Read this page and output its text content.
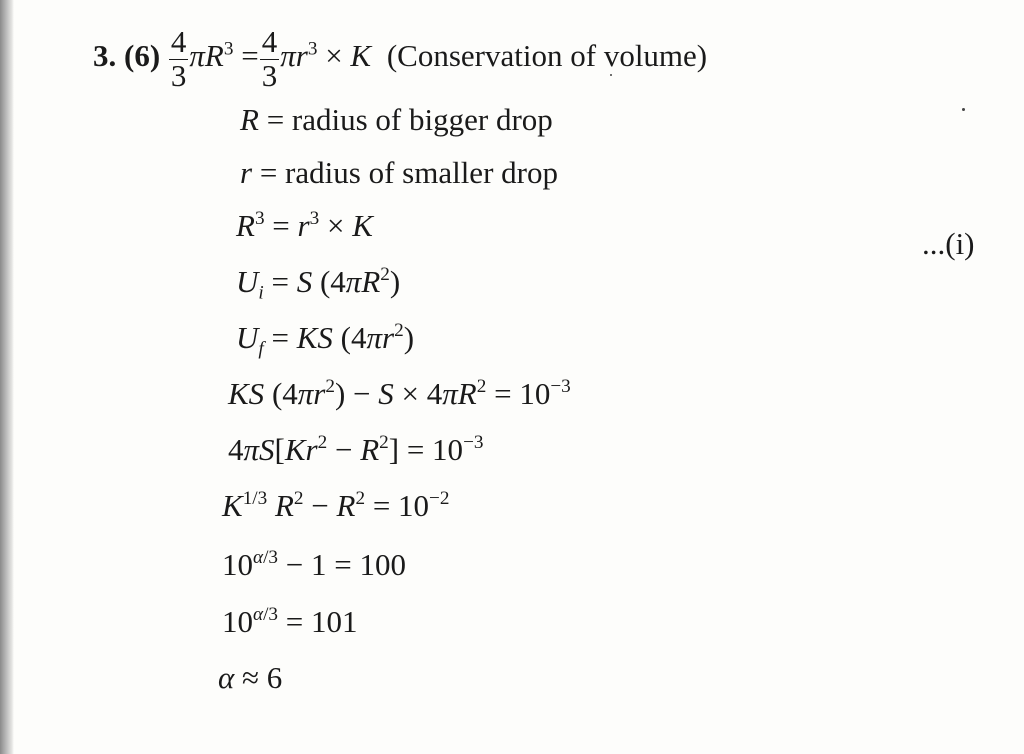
3. $(6) \frac{4}{3} \pi R^3 = \frac{4}{3} \pi r^3 \times K$ (Conservation of volume)
R = radius of bigger drop
r = radius of smaller drop
$R^3 = r^3 \times K$
...(i)
$U_i = S$ $(4\pi R^2)$
$U_f$ = KS $(4\pi r^2)$
KS $(4\pi r^2) - S \times 4\pi R^2 = 10^{-3}$
$4\pi S[Kr^2 - R^2] = 10^{-3}$
$K^{1/3}$ $R^2 - R^2 = 10^{-2}$
$10^{\alpha/3} - 1 = 100$
$10^{\alpha/3} = 101$
α ≈ 6
